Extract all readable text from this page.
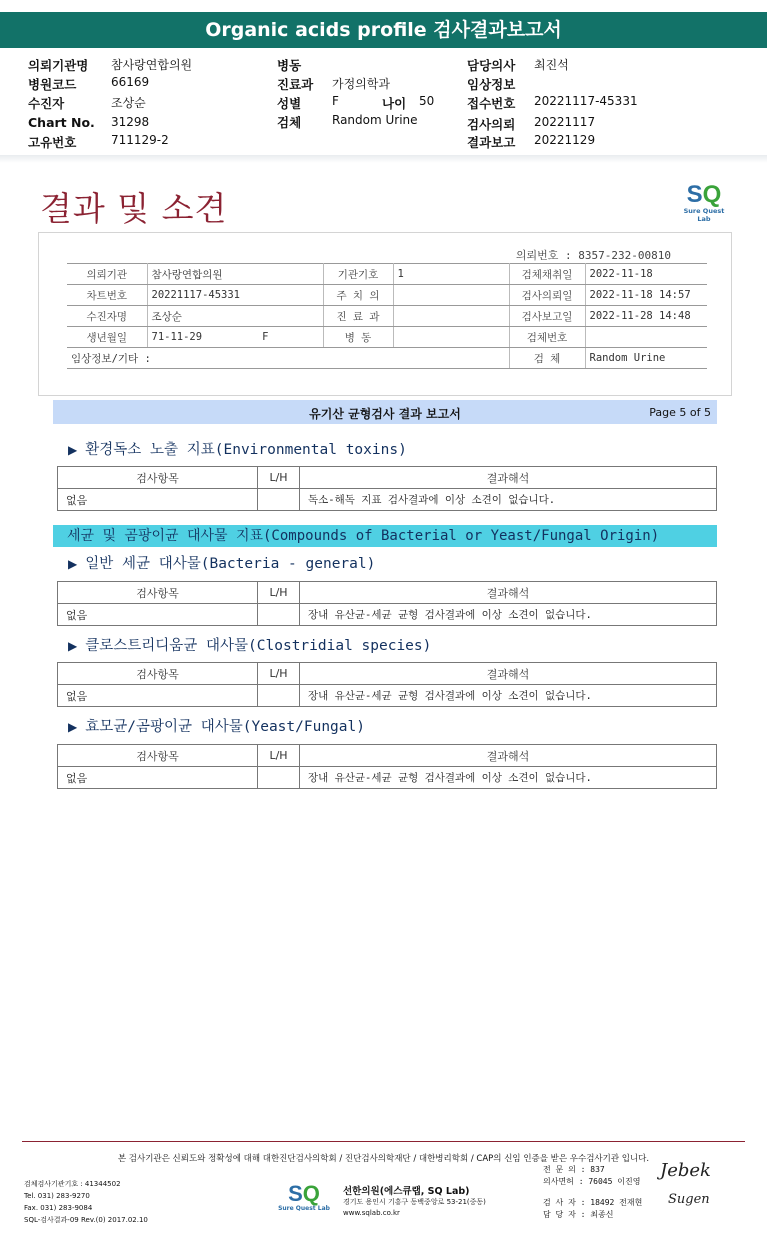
Organic acids profile 검사결과보고서
의뢰기관명 참사랑연합의원
병원코드	66169
수진자	조상순
Chart No. 31298
고유번호	711129-2
병동
진료과 가정의학과
성별	F	나이 50
검체	Random Urine
담당의사 최진석
임상정보
접수번호 20221117-45331
검사의뢰 20221117
결과보고 20221129
결과 및 소견	SQ
Sure Quest Lab
의뢰번호 : 8357-232-00810
의뢰기관	참사랑연합의원	기관기호	1	검체채취일	2022-11-18
차트번호	20221117-45331	주 치 의		검사의뢰일	2022-11-18 14:57
수진자명	조상순	진 료 과		검사보고일	2022-11-28 14:48
생년월일	71-11-29 F	병 동		검체번호	
임상정보/기타 :				검 체	Random Urine
유기산 균형검사 결과 보고서	Page 5 of 5
▶ 환경독소 노출 지표(Environmental toxins)
검사항목	L/H	결과해석
없음		독소-해독 지표 검사결과에 이상 소견이 없습니다.
세균 및 곰팡이균 대사물 지표(Compounds of Bacterial or Yeast/Fungal Origin)
▶ 일반 세균 대사물(Bacteria - general)
검사항목	L/H	결과해석
없음		장내 유산균-세균 균형 검사결과에 이상 소견이 없습니다.
▶ 클로스트리디움균 대사물(Clostridial species)
검사항목	L/H	결과해석
없음		장내 유산균-세균 균형 검사결과에 이상 소견이 없습니다.
▶ 효모균/곰팡이균 대사물(Yeast/Fungal)
검사항목	L/H	결과해석
없음		장내 유산균-세균 균형 검사결과에 이상 소견이 없습니다.
본 검사기관은 신뢰도와 정확성에 대해 대한진단검사의학회 / 진단검사의학재단 / 대한병리학회 / CAP의 신임 인증을 받은 우수검사기관 입니다.
검체검사기관기호 : 41344502
Tel. 031) 283-9270
Fax. 031) 283-9084
SQL-검사결과-09 Rev.(0) 2017.02.10
SQ
Sure Quest Lab
선한의원(에스큐랩, SQ Lab)
경기도 용인시 기흥구 동백중앙로 53-21(중동)
www.sqlab.co.kr
전 문 의 : 837
의사면허 : 76045 이진영
검 사 자 : 18492 전재현
담 당 자 : 최종신
Jebek
Sugen
